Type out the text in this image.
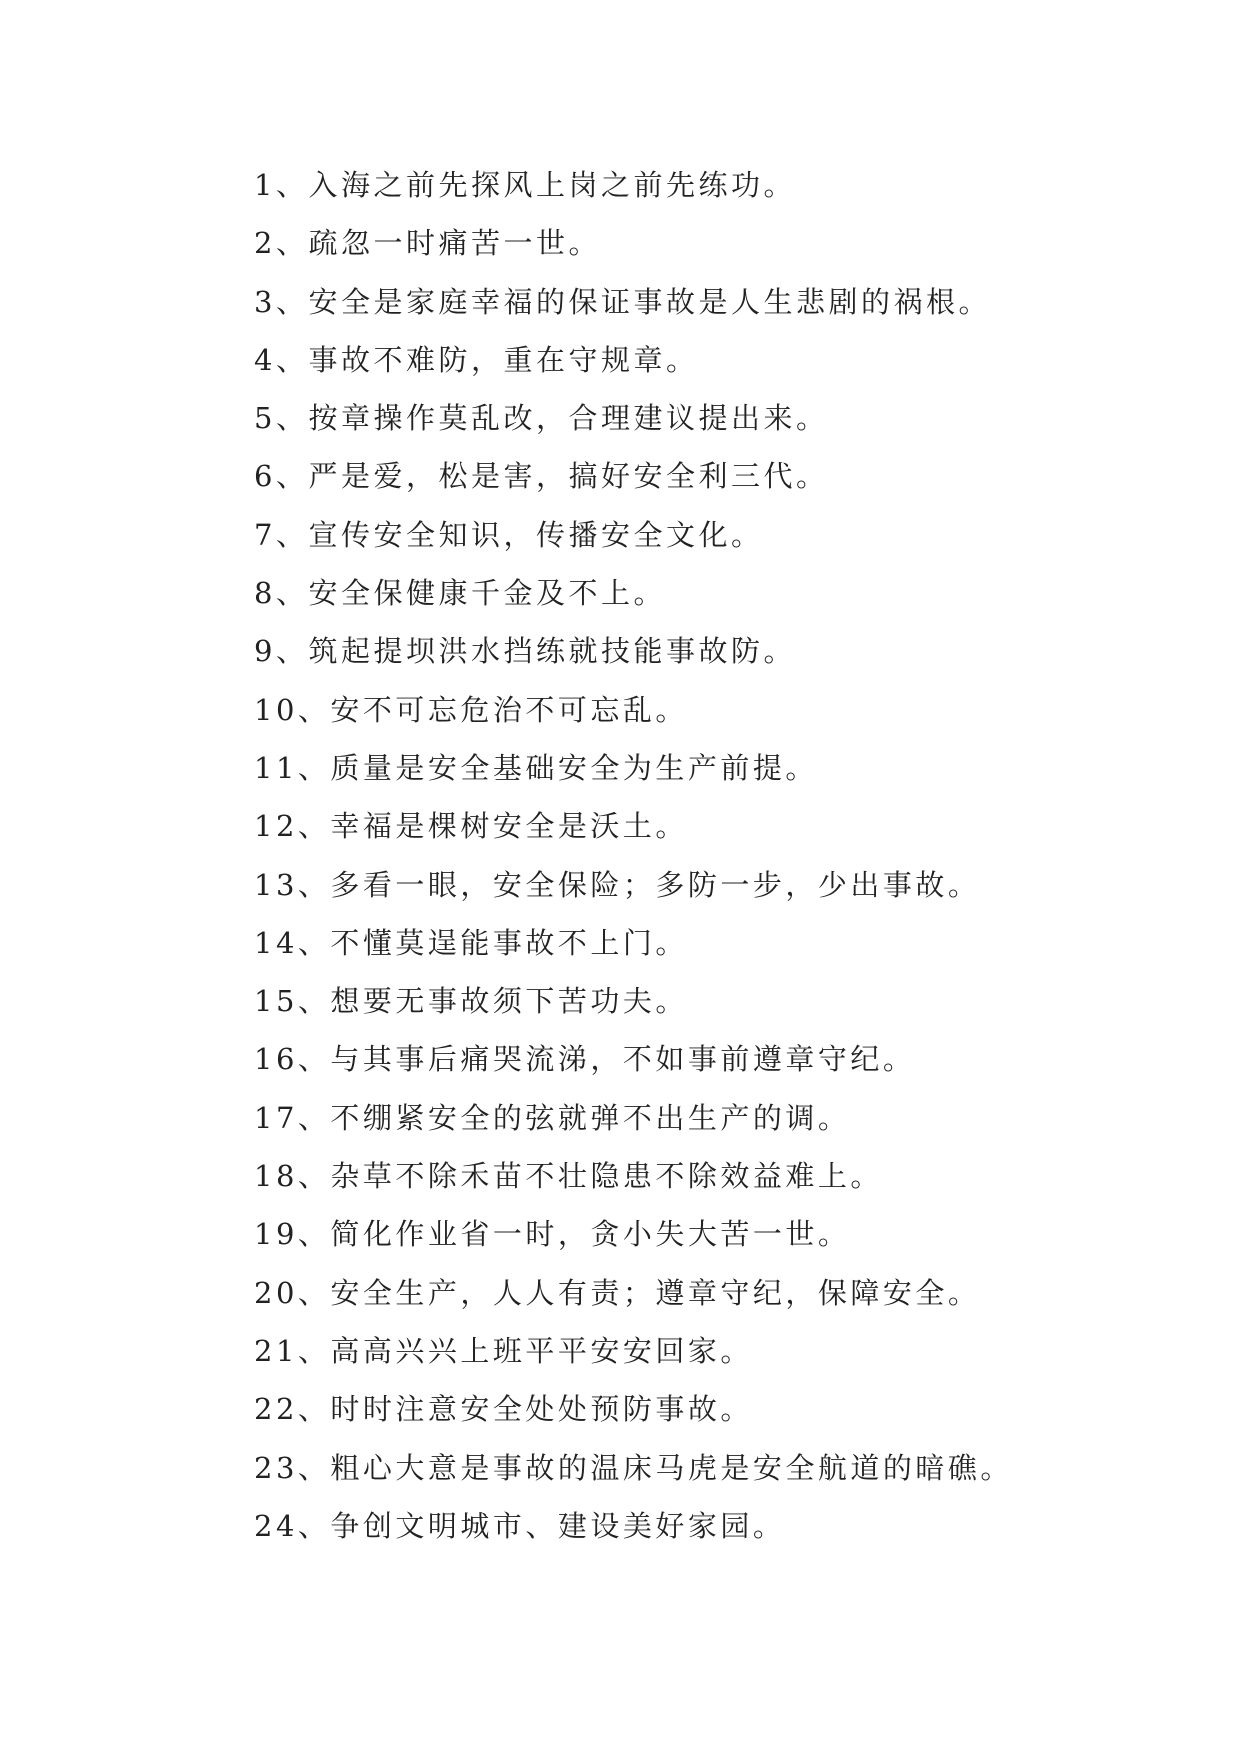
1、入海之前先探风上岗之前先练功。
2、疏忽一时痛苦一世。
3、安全是家庭幸福的保证事故是人生悲剧的祸根。
4、事故不难防，重在守规章。
5、按章操作莫乱改，合理建议提出来。
6、严是爱，松是害，搞好安全利三代。
7、宣传安全知识，传播安全文化。
8、安全保健康千金及不上。
9、筑起提坝洪水挡练就技能事故防。
10、安不可忘危治不可忘乱。
11、质量是安全基础安全为生产前提。
12、幸福是棵树安全是沃土。
13、多看一眼，安全保险；多防一步，少出事故。
14、不懂莫逞能事故不上门。
15、想要无事故须下苦功夫。
16、与其事后痛哭流涕，不如事前遵章守纪。
17、不绷紧安全的弦就弹不出生产的调。
18、杂草不除禾苗不壮隐患不除效益难上。
19、简化作业省一时，贪小失大苦一世。
20、安全生产，人人有责；遵章守纪，保障安全。
21、高高兴兴上班平平安安回家。
22、时时注意安全处处预防事故。
23、粗心大意是事故的温床马虎是安全航道的暗礁。
24、争创文明城市、建设美好家园。
